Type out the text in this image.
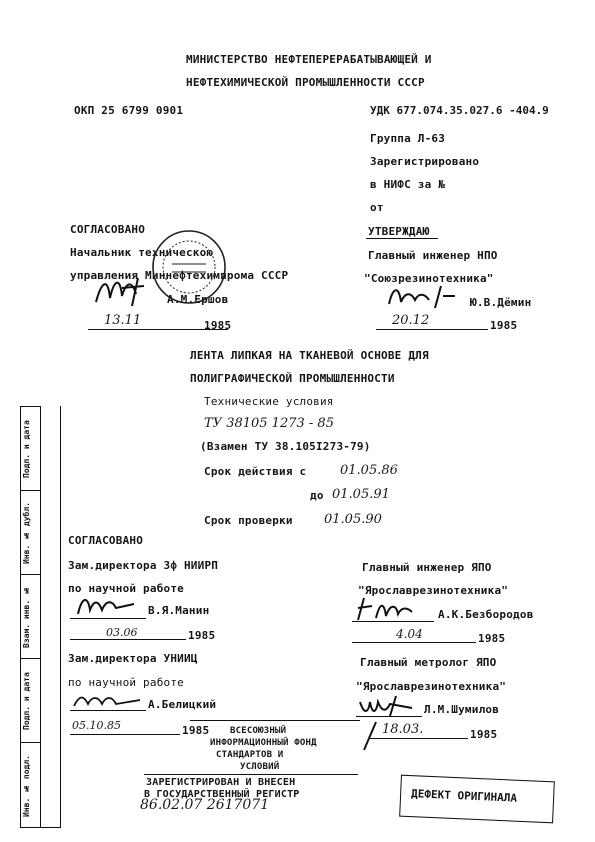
МИНИСТЕРСТВО НЕФТЕПЕРЕРАБАТЫВАЮЩЕЙ И
НЕФТЕХИМИЧЕСКОЙ ПРОМЫШЛЕННОСТИ СССР
ОКП 25 6799 0901	УДК 677.074.35.027.6 -404.9
Группа Л-63
Зарегистрировано
в НИФС за №
от
СОГЛАСОВАНО
Начальник техническою
управления Миннефтехимпрома СССР
А.М.Ершов
13.11	1985
УТВЕРЖДАЮ
Главный инженер НПО
"Союзрезинотехника"
Ю.В.Дёмин
20.12	1985
ЛЕНТА ЛИПКАЯ НА ТКАНЕВОЙ ОСНОВЕ ДЛЯ
ПОЛИГРАФИЧЕСКОЙ ПРОМЫШЛЕННОСТИ
Технические условия
ТУ 38105 1273 - 85
(Взамен ТУ 38.105І273-79)
Срок действия с	01.05.86
до 01.05.91
Срок проверки 01.05.90
СОГЛАСОВАНО
Зам.директора Зф НИИРП
по научной работе
В.Я.Манин
03.06	1985
Зам.директора УНИИЦ
по научной работе
А.Белицкий
05.10.85	1985
Главный инженер ЯПО
"Ярославрезинотехника"
А.К.Безбородов
4.04	1985
Главный метролог ЯПО
"Ярославрезинотехника"
Л.М.Шумилов
18.03.	1985
ВСЕСОЮЗНЫЙ
ИНФОРМАЦИОННЫЙ ФОНД
СТАНДАРТОВ И
УСЛОВИЙ
ЗАРЕГИСТРИРОВАН И ВНЕСЕН
В ГОСУДАРСТВЕННЫЙ РЕГИСТР
86.02.07 2617071
ДЕФЕКТ ОРИГИНАЛА
Подп. и дата
Инв. № дубл.
Взам. инв. №
Подп. и дата
Инв. № подл.
